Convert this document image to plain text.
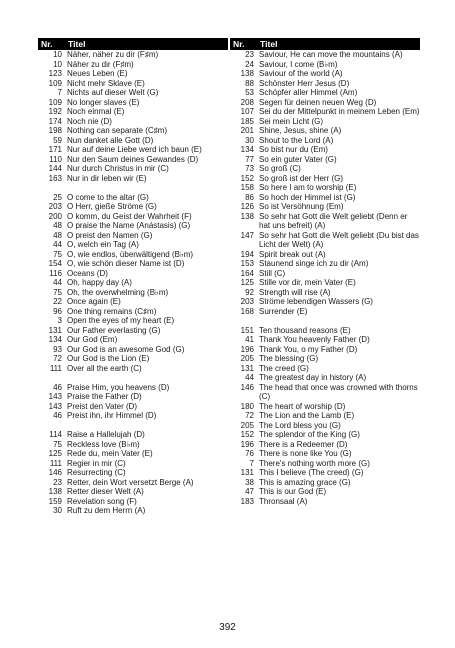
Nr.	Titel
10 Näher, näher zu dir (F♯m)
10 Näher zu dir (F♯m)
123 Neues Leben (E)
109 Nicht mehr Sklave (E)
7 Nichts auf dieser Welt (G)
109 No longer slaves (E)
192 Noch einmal (E)
174 Noch nie (D)
198 Nothing can separate (C♯m)
59 Nun danket alle Gott (D)
171 Nur auf deine Liebe werd ich baun (E)
110 Nur den Saum deines Gewandes (D)
144 Nur durch Christus in mir (C)
163 Nur in dir leben wir (E)
25 O come to the altar (G)
203 O Herr, gieße Ströme (G)
200 O komm, du Geist der Wahrheit (F)
48 O praise the Name (Anástasis) (G)
48 O preist den Namen (G)
44 O, welch ein Tag (A)
75 O, wie endlos, überwältigend (B♭m)
154 O, wie schön dieser Name ist (D)
116 Oceans (D)
44 Oh, happy day (A)
75 Oh, the overwhelming (B♭m)
22 Once again (E)
96 One thing remains (C♯m)
3 Open the eyes of my heart (E)
131 Our Father everlasting (G)
134 Our God (Em)
93 Our God is an awesome God (G)
72 Our God is the Lion (E)
111 Over all the earth (C)
46 Praise Him, you heavens (D)
143 Praise the Father (D)
143 Preist den Vater (D)
46 Preist ihn, ihr Himmel (D)
114 Raise a Hallelujah (D)
75 Reckless love (B♭m)
125 Rede du, mein Vater (E)
111 Regier in mir (C)
146 Resurrecting (C)
23 Retter, dein Wort versetzt Berge (A)
138 Retter dieser Welt (A)
159 Revelation song (F)
30 Ruft zu dem Herrn (A)
Nr.	Titel
23 Saviour, He can move the mountains (A)
24 Saviour, I come (B♭m)
138 Saviour of the world (A)
88 Schönster Herr Jesus (D)
53 Schöpfer aller Himmel (Am)
208 Segen für deinen neuen Weg (D)
107 Sei du der Mittelpunkt in meinem Leben (Em)
185 Sei mein Licht (G)
201 Shine, Jesus, shine (A)
30 Shout to the Lord (A)
134 So bist nur du (Em)
77 So ein guter Vater (G)
73 So groß (C)
152 So groß ist der Herr (G)
158 So here I am to worship (E)
86 So hoch der Himmel ist (G)
126 So ist Versöhnung (Em)
138 So sehr hat Gott die Welt geliebt (Denn er hat uns befreit) (A)
147 So sehr hat Gott die Welt geliebt (Du bist das Licht der Welt) (A)
194 Spirit break out (A)
153 Staunend singe ich zu dir (Am)
164 Still (C)
125 Stille vor dir, mein Vater (E)
92 Strength will rise (A)
203 Ströme lebendigen Wassers (G)
168 Surrender (E)
151 Ten thousand reasons (E)
41 Thank You heavenly Father (D)
196 Thank You, o my Father (D)
205 The blessing (G)
131 The creed (G)
44 The greatest day in history (A)
146 The head that once was crowned with thorns (C)
180 The heart of worship (D)
72 The Lion and the Lamb (E)
205 The Lord bless you (G)
152 The splendor of the King (G)
196 There is a Redeemer (D)
76 There is none like You (G)
7 There's nothing worth more (G)
131 This I believe (The creed) (G)
38 This is amazing grace (G)
47 This is our God (E)
183 Thronsaal (A)
392
